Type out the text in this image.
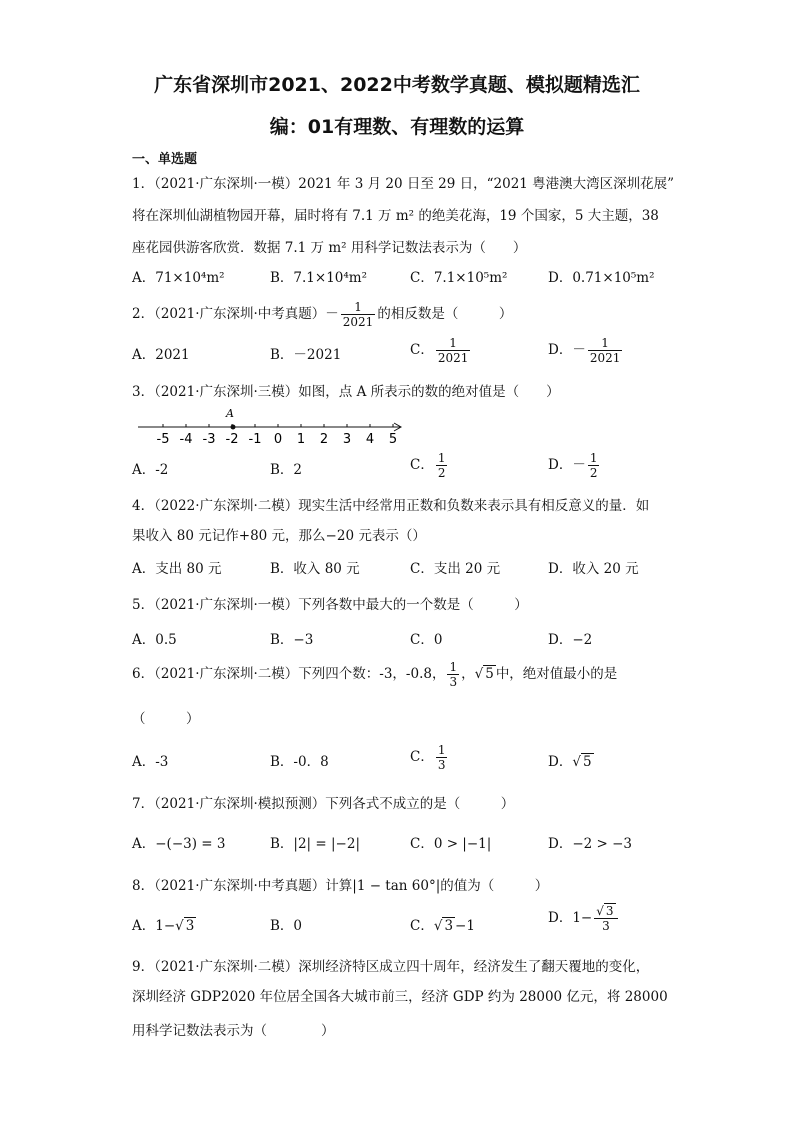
广东省深圳市2021、2022中考数学真题、模拟题精选汇
编：01有理数、有理数的运算
一、单选题
1．（2021·广东深圳·一模）2021 年 3 月 20 日至 29 日，“2021 粤港澳大湾区深圳花展”
将在深圳仙湖植物园开幕，届时将有 7.1 万 m² 的绝美花海，19 个国家，5 大主题，38
座花园供游客欣赏．数据 7.1 万 m² 用科学记数法表示为（　　）
A．71×10⁴m²	B．7.1×10⁴m²	C．7.1×10⁵m²	D．0.71×10⁵m²
2．（2021·广东深圳·中考真题）－ $\frac{1}{2021}$ 的相反数是（　　　）
A．2021	B．－2021	C． $\frac{1}{2021}$	D．－ $\frac{1}{2021}$
3．（2021·广东深圳·三模）如图，点 A 所表示的数的绝对值是（　　）
-5 -4 -3 -2 -1 0 1 2 3 4 5
A
A．-2	B．2	C． $\frac{1}{2}$	D．－ $\frac{1}{2}$
4．（2022·广东深圳·二模）现实生活中经常用正数和负数来表示具有相反意义的量．如
果收入 80 元记作+80 元，那么−20 元表示（）
A．支出 80 元	B．收入 80 元	C．支出 20 元	D．收入 20 元
5．（2021·广东深圳·一模）下列各数中最大的一个数是（　　　）
A．0.5	B．−3	C．0	D．−2
6．（2021·广东深圳·二模）下列四个数：-3，-0.8， $\frac{1}{3}$ ，√ 5 中，绝对值最小的是
（　　　）
A．-3	B．-0．8	C． $\frac{1}{3}$	D．√ 5
7．（2021·广东深圳·模拟预测）下列各式不成立的是（　　　）
A．−(−3) = 3	B．|2| = |−2|	C．0 > |−1|	D．−2 > −3
8．（2021·广东深圳·中考真题）计算|1 − tan 60°|的值为（　　　）
A．1−√ 3	B．0	C．√ 3 −1	D．$1- \frac{√ 3}{3}$
9．（2021·广东深圳·二模）深圳经济特区成立四十周年，经济发生了翻天覆地的变化，
深圳经济 GDP2020 年位居全国各大城市前三，经济 GDP 约为 28000 亿元，将 28000
用科学记数法表示为（　　　　）
